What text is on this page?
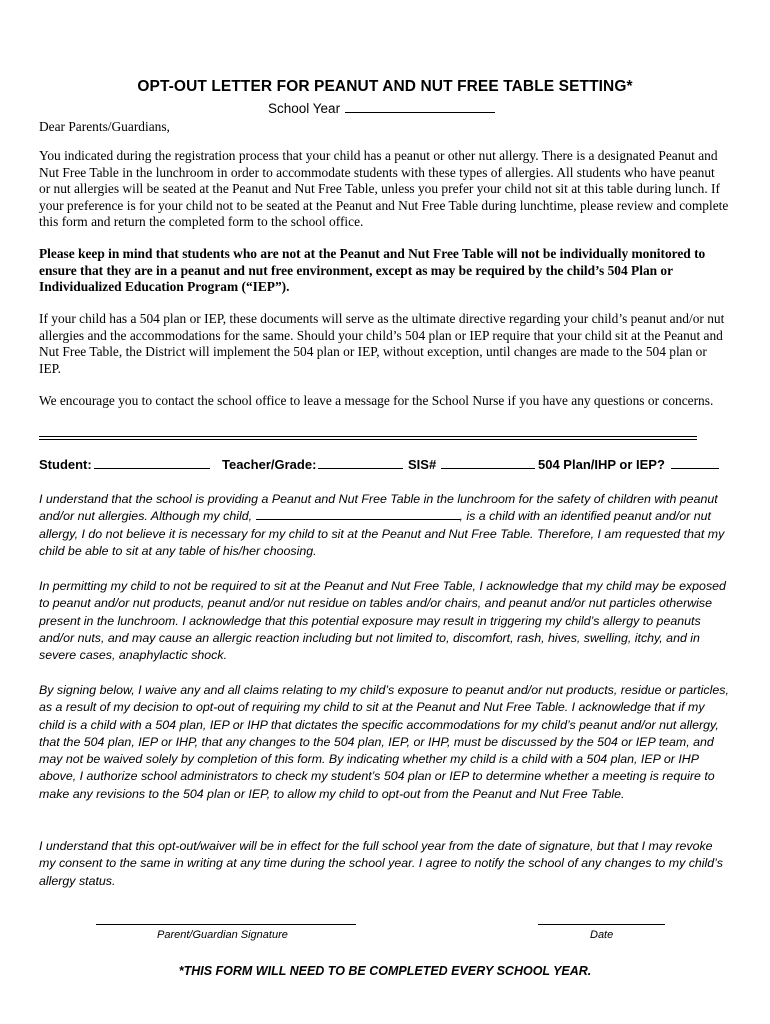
OPT-OUT LETTER FOR PEANUT AND NUT FREE TABLE SETTING*
School Year
Dear Parents/Guardians,
You indicated during the registration process that your child has a peanut or other nut allergy. There is a designated Peanut and Nut Free Table in the lunchroom in order to accommodate students with these types of allergies. All students who have peanut or nut allergies will be seated at the Peanut and Nut Free Table, unless you prefer your child not sit at this table during lunch. If your preference is for your child not to be seated at the Peanut and Nut Free Table during lunchtime, please review and complete this form and return the completed form to the school office.
Please keep in mind that students who are not at the Peanut and Nut Free Table will not be individually monitored to ensure that they are in a peanut and nut free environment, except as may be required by the child’s 504 Plan or Individualized Education Program (“IEP”).
If your child has a 504 plan or IEP, these documents will serve as the ultimate directive regarding your child’s peanut and/or nut allergies and the accommodations for the same. Should your child’s 504 plan or IEP require that your child sit at the Peanut and Nut Free Table, the District will implement the 504 plan or IEP, without exception, until changes are made to the 504 plan or IEP.
We encourage you to contact the school office to leave a message for the School Nurse if you have any questions or concerns.
Student:	Teacher/Grade:	SIS#	504 Plan/IHP or IEP?
I understand that the school is providing a Peanut and Nut Free Table in the lunchroom for the safety of children with peanut and/or nut allergies. Although my child,	, is a child with an identified peanut and/or nut allergy, I do not believe it is necessary for my child to sit at the Peanut and Nut Free Table. Therefore, I am requested that my child be able to sit at any table of his/her choosing.
In permitting my child to not be required to sit at the Peanut and Nut Free Table, I acknowledge that my child may be exposed to peanut and/or nut products, peanut and/or nut residue on tables and/or chairs, and peanut and/or nut particles otherwise present in the lunchroom. I acknowledge that this potential exposure may result in triggering my child’s allergy to peanuts and/or nuts, and may cause an allergic reaction including but not limited to, discomfort, rash, hives, swelling, itchy, and in severe cases, anaphylactic shock.
By signing below, I waive any and all claims relating to my child’s exposure to peanut and/or nut products, residue or particles, as a result of my decision to opt-out of requiring my child to sit at the Peanut and Nut Free Table. I acknowledge that if my child is a child with a 504 plan, IEP or IHP that dictates the specific accommodations for my child’s peanut and/or nut allergy, that the 504 plan, IEP or IHP, that any changes to the 504 plan, IEP, or IHP, must be discussed by the 504 or IEP team, and may not be waived solely by completion of this form. By indicating whether my child is a child with a 504 plan, IEP or IHP above, I authorize school administrators to check my student’s 504 plan or IEP to determine whether a meeting is require to make any revisions to the 504 plan or IEP, to allow my child to opt-out from the Peanut and Nut Free Table.
I understand that this opt-out/waiver will be in effect for the full school year from the date of signature, but that I may revoke my consent to the same in writing at any time during the school year. I agree to notify the school of any changes to my child’s allergy status.
Parent/Guardian Signature	Date
*THIS FORM WILL NEED TO BE COMPLETED EVERY SCHOOL YEAR.
